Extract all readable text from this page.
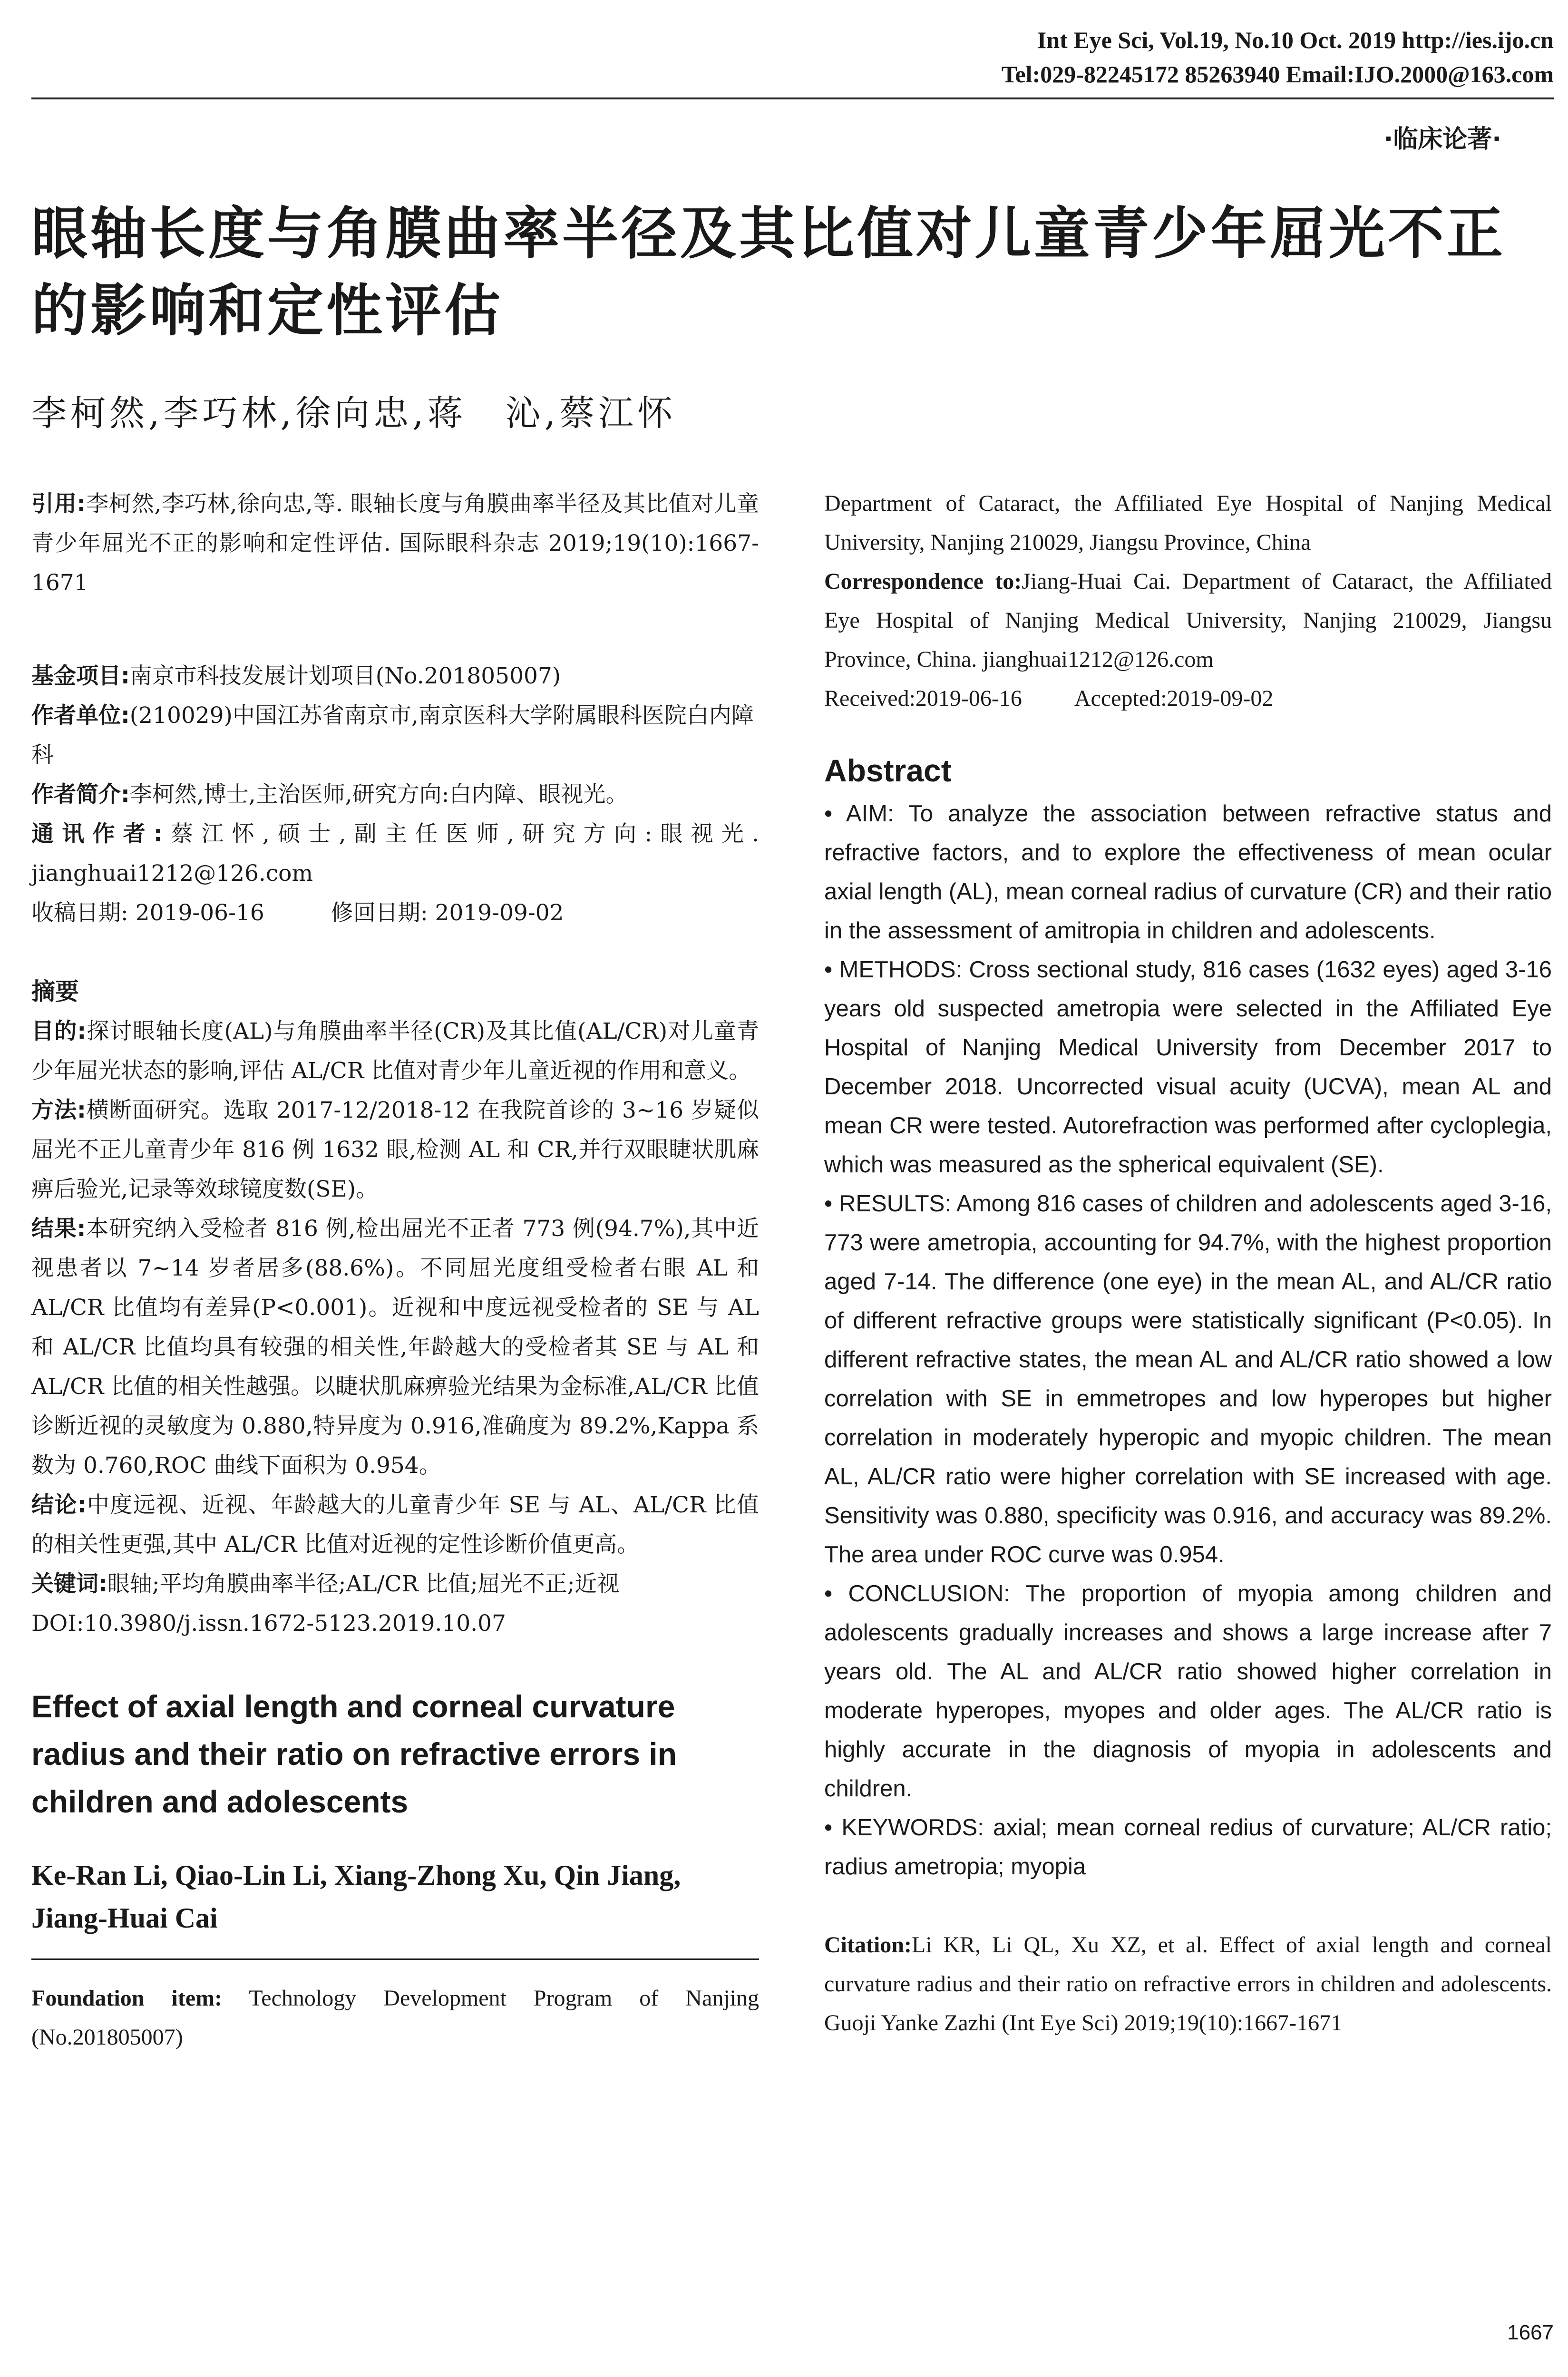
Int Eye Sci, Vol.19, No.10 Oct. 2019 http://ies.ijo.cn
Tel:029-82245172 85263940 Email:IJO.2000@163.com
·临床论著·
眼轴长度与角膜曲率半径及其比值对儿童青少年屈光不正的影响和定性评估
李柯然,李巧林,徐向忠,蒋　沁,蔡江怀

引用:李柯然,李巧林,徐向忠,等. 眼轴长度与角膜曲率半径及其比值对儿童青少年屈光不正的影响和定性评估. 国际眼科杂志 2019;19(10):1667-1671

基金项目:南京市科技发展计划项目(No.201805007)

作者单位:(210029)中国江苏省南京市,南京医科大学附属眼科医院白内障科

作者简介:李柯然,博士,主治医师,研究方向:白内障、眼视光。

通讯作者:蔡江怀,硕士,副主任医师,研究方向:眼视光. jianghuai1212@126.com

收稿日期: 2019-06-16	修回日期: 2019-09-02

摘要

目的:探讨眼轴长度(AL)与角膜曲率半径(CR)及其比值(AL/CR)对儿童青少年屈光状态的影响,评估 AL/CR 比值对青少年儿童近视的作用和意义。

方法:横断面研究。选取 2017-12/2018-12 在我院首诊的 3~16 岁疑似屈光不正儿童青少年 816 例 1632 眼,检测 AL 和 CR,并行双眼睫状肌麻痹后验光,记录等效球镜度数(SE)。

结果:本研究纳入受检者 816 例,检出屈光不正者 773 例(94.7%),其中近视患者以 7~14 岁者居多(88.6%)。不同屈光度组受检者右眼 AL 和 AL/CR 比值均有差异(P<0.001)。近视和中度远视受检者的 SE 与 AL 和 AL/CR 比值均具有较强的相关性,年龄越大的受检者其 SE 与 AL 和 AL/CR 比值的相关性越强。以睫状肌麻痹验光结果为金标准,AL/CR 比值诊断近视的灵敏度为 0.880,特异度为 0.916,准确度为 89.2%,Kappa 系数为 0.760,ROC 曲线下面积为 0.954。

结论:中度远视、近视、年龄越大的儿童青少年 SE 与 AL、AL/CR 比值的相关性更强,其中 AL/CR 比值对近视的定性诊断价值更高。

关键词:眼轴;平均角膜曲率半径;AL/CR 比值;屈光不正;近视

DOI:10.3980/j.issn.1672-5123.2019.10.07

Effect of axial length and corneal curvature radius and their ratio on refractive errors in children and adolescents

Ke-Ran Li, Qiao-Lin Li, Xiang-Zhong Xu, Qin Jiang, Jiang-Huai Cai

Foundation item: Technology Development Program of Nanjing (No.201805007)

Department of Cataract, the Affiliated Eye Hospital of Nanjing Medical University, Nanjing 210029, Jiangsu Province, China

Correspondence to:Jiang-Huai Cai. Department of Cataract, the Affiliated Eye Hospital of Nanjing Medical University, Nanjing 210029, Jiangsu Province, China. jianghuai1212@126.com

Received:2019-06-16 Accepted:2019-09-02

Abstract

• AIM: To analyze the association between refractive status and refractive factors, and to explore the effectiveness of mean ocular axial length (AL), mean corneal radius of curvature (CR) and their ratio in the assessment of amitropia in children and adolescents.

• METHODS: Cross sectional study, 816 cases (1632 eyes) aged 3-16 years old suspected ametropia were selected in the Affiliated Eye Hospital of Nanjing Medical University from December 2017 to December 2018. Uncorrected visual acuity (UCVA), mean AL and mean CR were tested. Autorefraction was performed after cycloplegia, which was measured as the spherical equivalent (SE).

• RESULTS: Among 816 cases of children and adolescents aged 3-16, 773 were ametropia, accounting for 94.7%, with the highest proportion aged 7-14. The difference (one eye) in the mean AL, and AL/CR ratio of different refractive groups were statistically significant (P<0.05). In different refractive states, the mean AL and AL/CR ratio showed a low correlation with SE in emmetropes and low hyperopes but higher correlation in moderately hyperopic and myopic children. The mean AL, AL/CR ratio were higher correlation with SE increased with age. Sensitivity was 0.880, specificity was 0.916, and accuracy was 89.2%. The area under ROC curve was 0.954.

• CONCLUSION: The proportion of myopia among children and adolescents gradually increases and shows a large increase after 7 years old. The AL and AL/CR ratio showed higher correlation in moderate hyperopes, myopes and older ages. The AL/CR ratio is highly accurate in the diagnosis of myopia in adolescents and children.

• KEYWORDS: axial; mean corneal redius of curvature; AL/CR ratio; radius ametropia; myopia

Citation:Li KR, Li QL, Xu XZ, et al. Effect of axial length and corneal curvature radius and their ratio on refractive errors in children and adolescents. Guoji Yanke Zazhi (Int Eye Sci) 2019;19(10):1667-1671

1667
